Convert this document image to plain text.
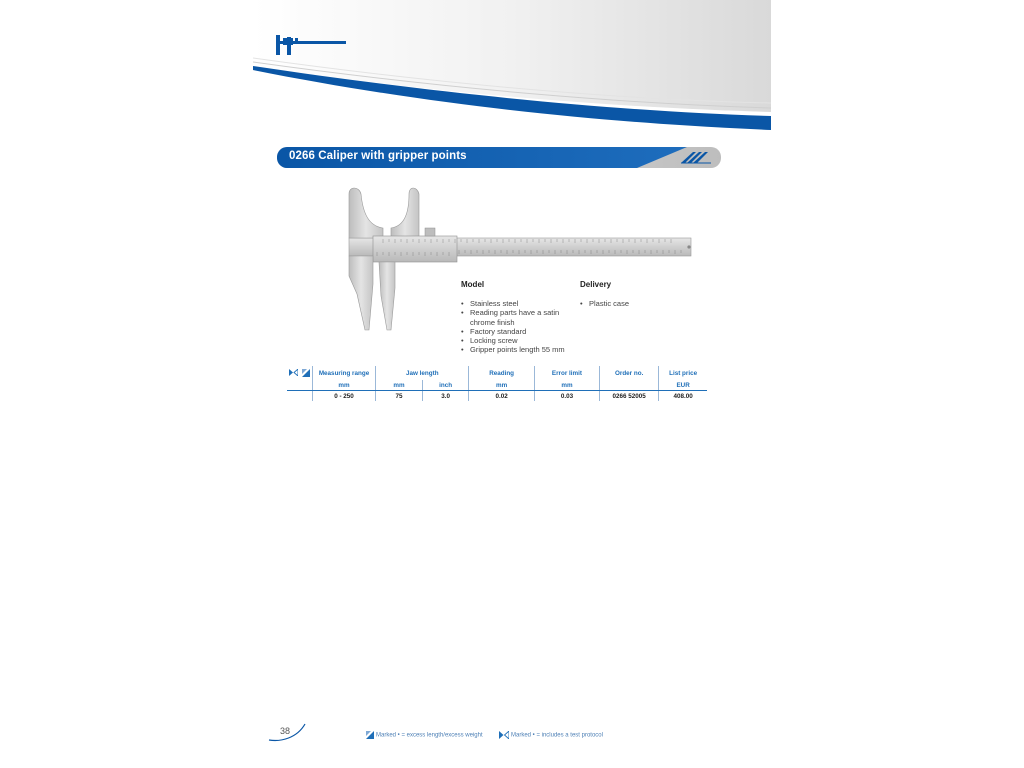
0266 Caliper with gripper points
Model
• Stainless steel
• Reading parts have a satin chrome finish
• Factory standard
• Locking screw
• Gripper points length 55 mm
Delivery
• Plastic case
		Measuring range	Jaw length		Reading	Error limit	Order no.	List price
		mm	mm	inch	mm	mm		EUR
		0 - 250	75	3.0	0.02	0.03	0266 52005	408.00
38	Marked • = excess length/excess weight	Marked • = includes a test protocol
